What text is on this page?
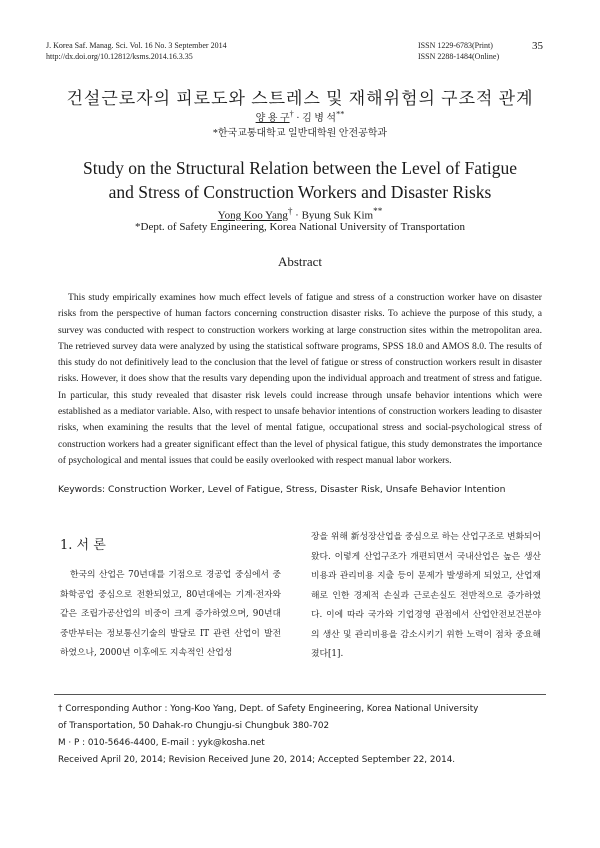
J. Korea Saf. Manag. Sci. Vol. 16 No. 3 September 2014
http://dx.doi.org/10.12812/ksms.2014.16.3.35
ISSN 1229-6783(Print)
ISSN 2288-1484(Online)
35
건설근로자의 피로도와 스트레스 및 재해위험의 구조적 관계
양 용 구† · 김 병 석**
*한국교통대학교 일반대학원 안전공학과
Study on the Structural Relation between the Level of Fatigue
and Stress of Construction Workers and Disaster Risks
Yong Koo Yang† · Byung Suk Kim**
*Dept. of Safety Engineering, Korea National University of Transportation
Abstract

This study empirically examines how much effect levels of fatigue and stress of a construction worker have on disaster risks from the perspective of human factors concerning construction disaster risks. To achieve the purpose of this study, a survey was conducted with respect to construction workers working at large construction sites within the metropolitan area. The retrieved survey data were analyzed by using the statistical software programs, SPSS 18.0 and AMOS 8.0. The results of this study do not definitively lead to the conclusion that the level of fatigue or stress of construction workers result in disaster risks. However, it does show that the results vary depending upon the individual approach and treatment of stress and fatigue. In particular, this study revealed that disaster risk levels could increase through unsafe behavior intentions which were established as a mediator variable. Also, with respect to unsafe behavior intentions of construction workers leading to disaster risks, when examining the results that the level of mental fatigue, occupational stress and social-psychological stress of construction workers had a greater significant effect than the level of physical fatigue, this study demonstrates the importance of psychological and mental issues that could be easily overlooked with respect manual labor workers.

Keywords: Construction Worker, Level of Fatigue, Stress, Disaster Risk, Unsafe Behavior Intention
1. 서 론

한국의 산업은 70년대를 기점으로 경공업 중심에서 중화학공업 중심으로 전환되었고, 80년대에는 기계·전자와 같은 조립가공산업의 비중이 크게 증가하였으며, 90년대 중반부터는 정보통신기술의 발달로 IT 관련 산업이 발전하였으나, 2000년 이후에도 지속적인 산업성

장을 위해 新성장산업을 중심으로 하는 산업구조로 변화되어 왔다. 이렇게 산업구조가 개편되면서 국내산업은 높은 생산비용과 관리비용 지출 등이 문제가 발생하게 되었고, 산업재해로 인한 경제적 손실과 근로손실도 전반적으로 증가하였다. 이에 따라 국가와 기업경영 관점에서 산업안전보건분야의 생산 및 관리비용을 감소시키기 위한 노력이 점차 중요해졌다[1].

† Corresponding Author : Yong-Koo Yang, Dept. of Safety Engineering, Korea National University
of Transportation, 50 Dahak-ro Chungju-si Chungbuk 380-702
M · P : 010-5646-4400, E-mail : yyk@kosha.net
Received April 20, 2014; Revision Received June 20, 2014; Accepted September 22, 2014.
